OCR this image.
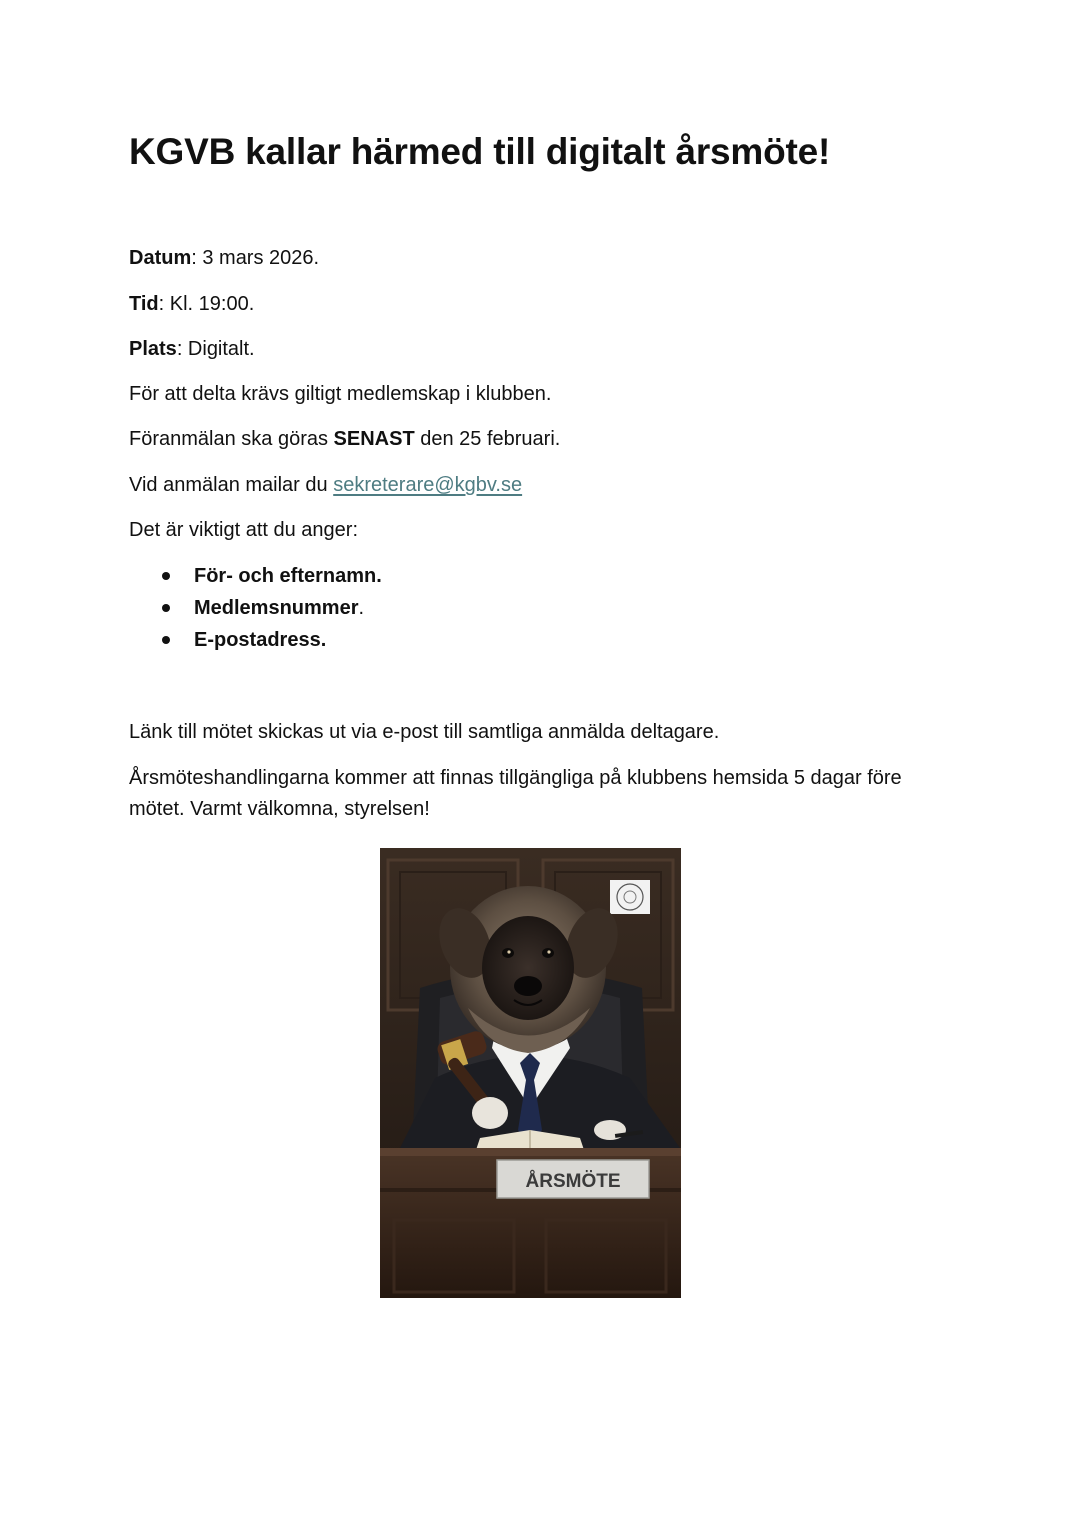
KGVB kallar härmed till digitalt årsmöte!

Datum: 3 mars 2026.

Tid: Kl. 19:00.

Plats: Digitalt.

För att delta krävs giltigt medlemskap i klubben.

Föranmälan ska göras SENAST den 25 februari.

Vid anmälan mailar du sekreterare@kgbv.se

Det är viktigt att du anger:

För- och efternamn.
Medlemsnummer.
E-postadress.

Länk till mötet skickas ut via e-post till samtliga anmälda deltagare.

Årsmöteshandlingarna kommer att finnas tillgängliga på klubbens hemsida 5 dagar före

mötet. Varmt välkomna, styrelsen!

ÅRSMÖTE
